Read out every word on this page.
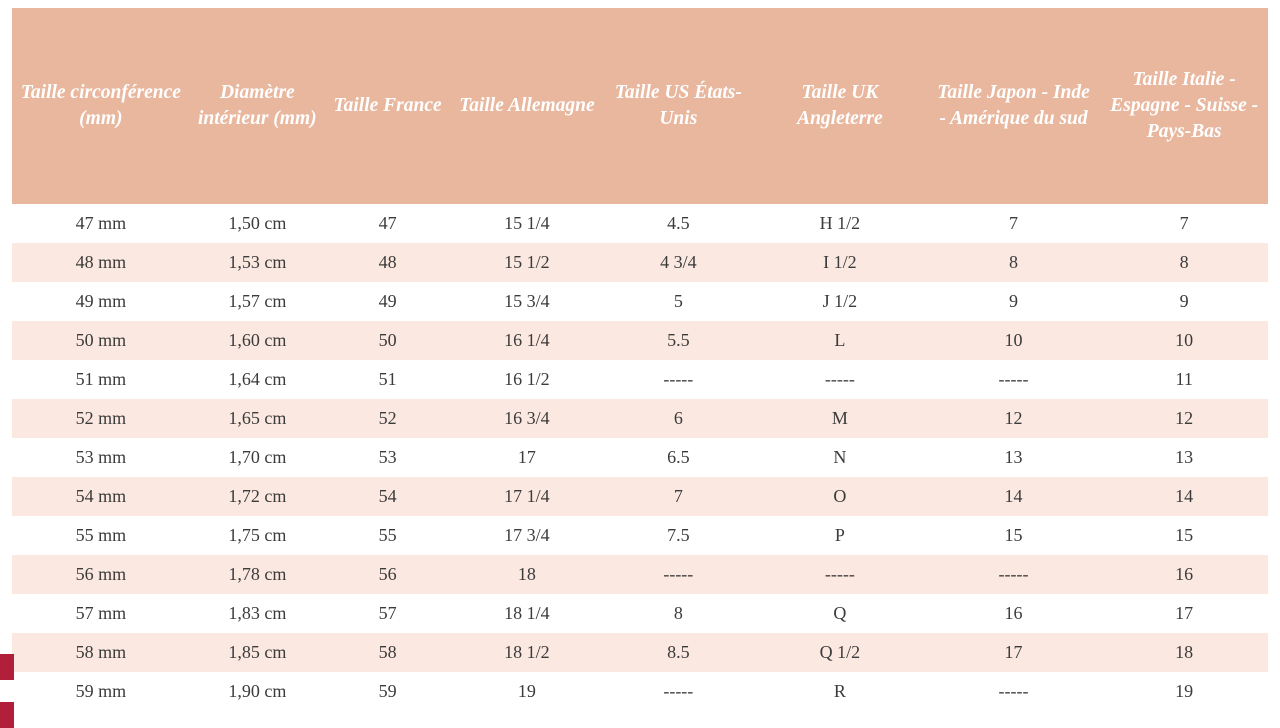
Taille circonférence (mm)	Diamètre intérieur (mm)	Taille France	Taille Allemagne	Taille US États-Unis	Taille UK Angleterre	Taille Japon - Inde - Amérique du sud	Taille Italie - Espagne - Suisse - Pays-Bas
47 mm	1,50 cm	47	15 1/4	4.5	H 1/2	7	7
48 mm	1,53 cm	48	15 1/2	4 3/4	I 1/2	8	8
49 mm	1,57 cm	49	15 3/4	5	J 1/2	9	9
50 mm	1,60 cm	50	16 1/4	5.5	L	10	10
51 mm	1,64 cm	51	16 1/2	-----	-----	-----	11
52 mm	1,65 cm	52	16 3/4	6	M	12	12
53 mm	1,70 cm	53	17	6.5	N	13	13
54 mm	1,72 cm	54	17 1/4	7	O	14	14
55 mm	1,75 cm	55	17 3/4	7.5	P	15	15
56 mm	1,78 cm	56	18	-----	-----	-----	16
57 mm	1,83 cm	57	18 1/4	8	Q	16	17
58 mm	1,85 cm	58	18 1/2	8.5	Q 1/2	17	18
59 mm	1,90 cm	59	19	-----	R	-----	19
